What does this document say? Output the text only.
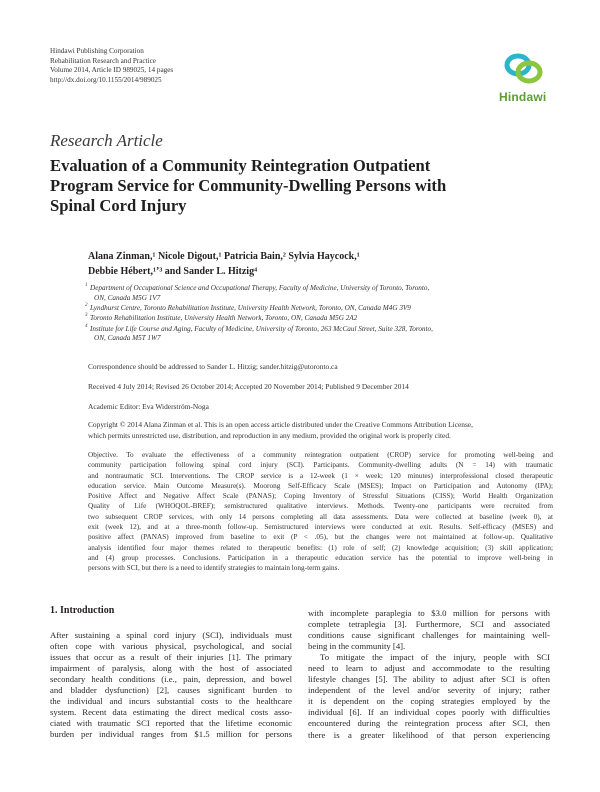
Hindawi Publishing Corporation
Rehabilitation Research and Practice
Volume 2014, Article ID 989025, 14 pages
http://dx.doi.org/10.1155/2014/989025
Hindawi
Research Article
Evaluation of a Community Reintegration Outpatient
Program Service for Community-Dwelling Persons with
Spinal Cord Injury
Alana Zinman,¹ Nicole Digout,¹ Patricia Bain,² Sylvia Haycock,¹
Debbie Hébert,¹ʼ³ and Sander L. Hitzig⁴
1 Department of Occupational Science and Occupational Therapy, Faculty of Medicine, University of Toronto, Toronto,
ON, Canada M5G 1V7
2 Lyndhurst Centre, Toronto Rehabilitation Institute, University Health Network, Toronto, ON, Canada M4G 3V9
3 Toronto Rehabilitation Institute, University Health Network, Toronto, ON, Canada M5G 2A2
4 Institute for Life Course and Aging, Faculty of Medicine, University of Toronto, 263 McCaul Street, Suite 328, Toronto,
ON, Canada M5T 1W7
Correspondence should be addressed to Sander L. Hitzig; sander.hitzig@utoronto.ca
Received 4 July 2014; Revised 26 October 2014; Accepted 20 November 2014; Published 9 December 2014
Academic Editor: Eva Widerström-Noga
Copyright © 2014 Alana Zinman et al. This is an open access article distributed under the Creative Commons Attribution License,
which permits unrestricted use, distribution, and reproduction in any medium, provided the original work is properly cited.
Objective. To evaluate the effectiveness of a community reintegration outpatient (CROP) service for promoting well-being and
community participation following spinal cord injury (SCI). Participants. Community-dwelling adults (N = 14) with traumatic
and nontraumatic SCI. Interventions. The CROP service is a 12-week (1 × week; 120 minutes) interprofessional closed therapeutic
education service. Main Outcome Measure(s). Moorong Self-Efficacy Scale (MSES); Impact on Participation and Autonomy (IPA);
Positive Affect and Negative Affect Scale (PANAS); Coping Inventory of Stressful Situations (CISS); World Health Organization
Quality of Life (WHOQOL-BREF); semistructured qualitative interviews. Methods. Twenty-one participants were recruited from
two subsequent CROP services, with only 14 persons completing all data assessments. Data were collected at baseline (week 0), at
exit (week 12), and at a three-month follow-up. Semistructured interviews were conducted at exit. Results. Self-efficacy (MSES) and
positive affect (PANAS) improved from baseline to exit (P < .05), but the changes were not maintained at follow-up. Qualitative
analysis identified four major themes related to therapeutic benefits: (1) role of self; (2) knowledge acquisition; (3) skill application;
and (4) group processes. Conclusions. Participation in a therapeutic education service has the potential to improve well-being in
persons with SCI, but there is a need to identify strategies to maintain long-term gains.
1. Introduction
After sustaining a spinal cord injury (SCI), individuals must
often cope with various physical, psychological, and social
issues that occur as a result of their injuries [1]. The primary
impairment of paralysis, along with the host of associated
secondary health conditions (i.e., pain, depression, and bowel
and bladder dysfunction) [2], causes significant burden to
the individual and incurs substantial costs to the healthcare
system. Recent data estimating the direct medical costs asso-
ciated with traumatic SCI reported that the lifetime economic
burden per individual ranges from $1.5 million for persons
with incomplete paraplegia to $3.0 million for persons with
complete tetraplegia [3]. Furthermore, SCI and associated
conditions cause significant challenges for maintaining well-
being in the community [4].
To mitigate the impact of the injury, people with SCI
need to learn to adjust and accommodate to the resulting
lifestyle changes [5]. The ability to adjust after SCI is often
independent of the level and/or severity of injury; rather
it is dependent on the coping strategies employed by the
individual [6]. If an individual copes poorly with difficulties
encountered during the reintegration process after SCI, then
there is a greater likelihood of that person experiencing
